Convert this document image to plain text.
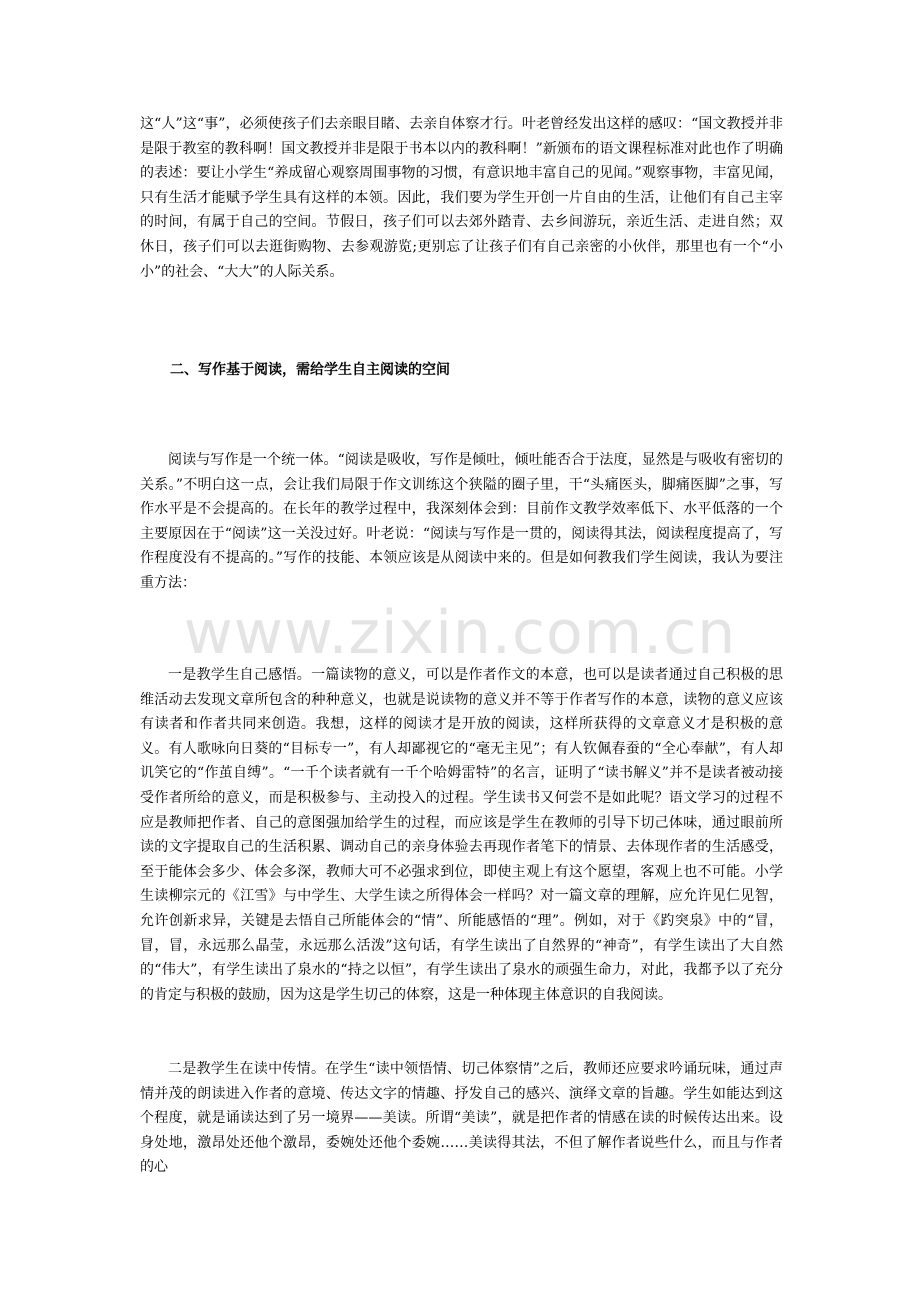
这“人”这“事”，必须使孩子们去亲眼目睹、去亲自体察才行。叶老曾经发出这样的感叹：“国文教授并非是限于教室的教科啊！国文教授并非是限于书本以内的教科啊！”新颁布的语文课程标准对此也作了明确的表述：要让小学生“养成留心观察周围事物的习惯，有意识地丰富自己的见闻。”观察事物，丰富见闻，只有生活才能赋予学生具有这样的本领。因此，我们要为学生开创一片自由的生活，让他们有自己主宰的时间，有属于自己的空间。节假日，孩子们可以去郊外踏青、去乡间游玩，亲近生活、走进自然；双休日，孩子们可以去逛街购物、去参观游览;更别忘了让孩子们有自己亲密的小伙伴，那里也有一个“小小”的社会、“大大”的人际关系。

二、写作基于阅读，需给学生自主阅读的空间

阅读与写作是一个统一体。“阅读是吸收，写作是倾吐，倾吐能否合于法度，显然是与吸收有密切的关系。”不明白这一点，会让我们局限于作文训练这个狭隘的圈子里，干“头痛医头，脚痛医脚”之事，写作水平是不会提高的。在长年的教学过程中，我深刻体会到：目前作文教学效率低下、水平低落的一个主要原因在于“阅读”这一关没过好。叶老说：“阅读与写作是一贯的，阅读得其法，阅读程度提高了，写作程度没有不提高的。”写作的技能、本领应该是从阅读中来的。但是如何教我们学生阅读，我认为要注重方法：

www.zixin.com.cn

一是教学生自己感悟。一篇读物的意义，可以是作者作文的本意，也可以是读者通过自己积极的思维活动去发现文章所包含的种种意义，也就是说读物的意义并不等于作者写作的本意，读物的意义应该有读者和作者共同来创造。我想，这样的阅读才是开放的阅读，这样所获得的文章意义才是积极的意义。有人歌咏向日葵的“目标专一”，有人却鄙视它的“毫无主见”；有人钦佩春蚕的“全心奉献”，有人却讥笑它的“作茧自缚”。“一千个读者就有一千个哈姆雷特”的名言，证明了“读书解义”并不是读者被动接受作者所给的意义，而是积极参与、主动投入的过程。学生读书又何尝不是如此呢？语文学习的过程不应是教师把作者、自己的意图强加给学生的过程，而应该是学生在教师的引导下切己体味，通过眼前所读的文字提取自己的生活积累、调动自己的亲身体验去再现作者笔下的情景、去体现作者的生活感受，至于能体会多少、体会多深，教师大可不必强求到位，即使主观上有这个愿望，客观上也不可能。小学生读柳宗元的《江雪》与中学生、大学生读之所得体会一样吗？对一篇文章的理解，应允许见仁见智，允许创新求异，关键是去悟自己所能体会的“情”、所能感悟的“理”。例如，对于《趵突泉》中的“冒，冒，冒，永远那么晶莹，永远那么活泼”这句话，有学生读出了自然界的“神奇”，有学生读出了大自然的“伟大”，有学生读出了泉水的“持之以恒”，有学生读出了泉水的顽强生命力，对此，我都予以了充分的肯定与积极的鼓励，因为这是学生切己的体察，这是一种体现主体意识的自我阅读。

二是教学生在读中传情。在学生“读中领悟情、切己体察情”之后，教师还应要求吟诵玩味，通过声情并茂的朗读进入作者的意境、传达文字的情趣、抒发自己的感兴、演绎文章的旨趣。学生如能达到这个程度，就是诵读达到了另一境界——美读。所谓“美读”，就是把作者的情感在读的时候传达出来。设身处地，激昂处还他个激昂，委婉处还他个委婉……美读得其法，不但了解作者说些什么，而且与作者的心
